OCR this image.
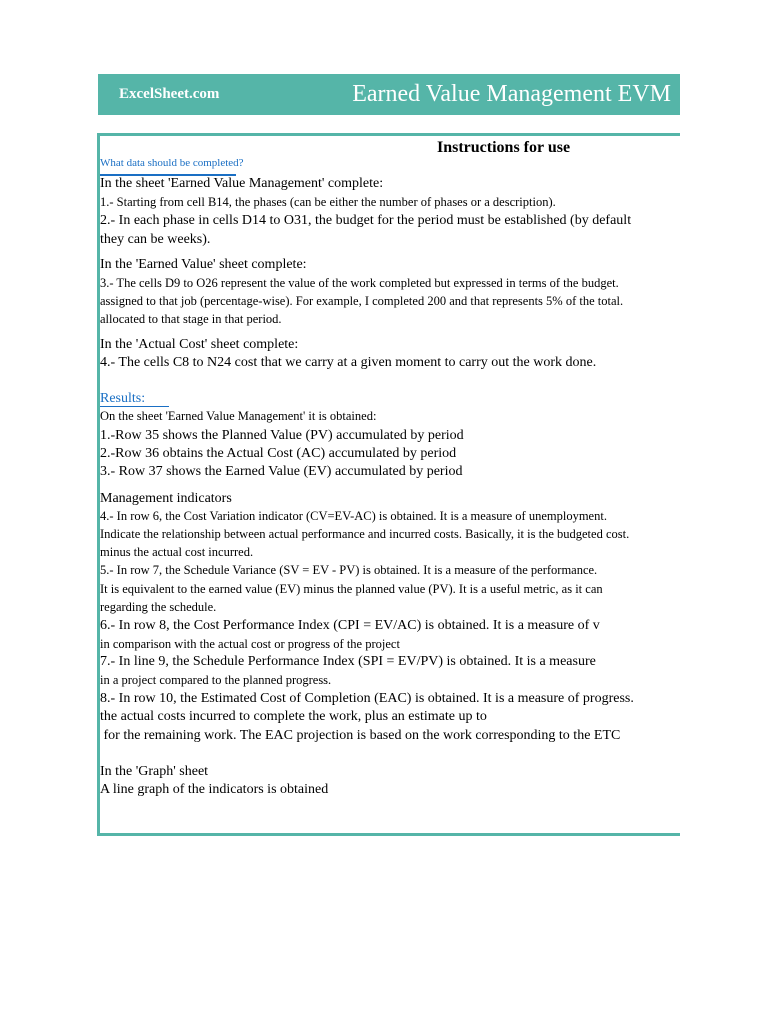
ExcelSheet.com	Earned Value Management EVM
Instructions for use
What data should be completed?
In the sheet 'Earned Value Management' complete:
1.- Starting from cell B14, the phases (can be either the number of phases or a description).
2.- In each phase in cells D14 to O31, the budget for the period must be established (by default
they can be weeks).
In the 'Earned Value' sheet complete:
3.- The cells D9 to O26 represent the value of the work completed but expressed in terms of the budget.
assigned to that job (percentage-wise). For example, I completed 200 and that represents 5% of the total.
allocated to that stage in that period.
In the 'Actual Cost' sheet complete:
4.- The cells C8 to N24 cost that we carry at a given moment to carry out the work done.
Results:
On the sheet 'Earned Value Management' it is obtained:
1.-Row 35 shows the Planned Value (PV) accumulated by period
2.-Row 36 obtains the Actual Cost (AC) accumulated by period
3.- Row 37 shows the Earned Value (EV) accumulated by period
Management indicators
4.- In row 6, the Cost Variation indicator (CV=EV-AC) is obtained. It is a measure of unemployment.
Indicate the relationship between actual performance and incurred costs. Basically, it is the budgeted cost.
minus the actual cost incurred.
5.- In row 7, the Schedule Variance (SV = EV - PV) is obtained. It is a measure of the performance.
It is equivalent to the earned value (EV) minus the planned value (PV). It is a useful metric, as it can
regarding the schedule.
6.- In row 8, the Cost Performance Index (CPI = EV/AC) is obtained. It is a measure of v
in comparison with the actual cost or progress of the project
7.- In line 9, the Schedule Performance Index (SPI = EV/PV) is obtained. It is a measure
in a project compared to the planned progress.
8.- In row 10, the Estimated Cost of Completion (EAC) is obtained. It is a measure of progress.
the actual costs incurred to complete the work, plus an estimate up to
for the remaining work. The EAC projection is based on the work corresponding to the ETC
In the 'Graph' sheet
A line graph of the indicators is obtained
